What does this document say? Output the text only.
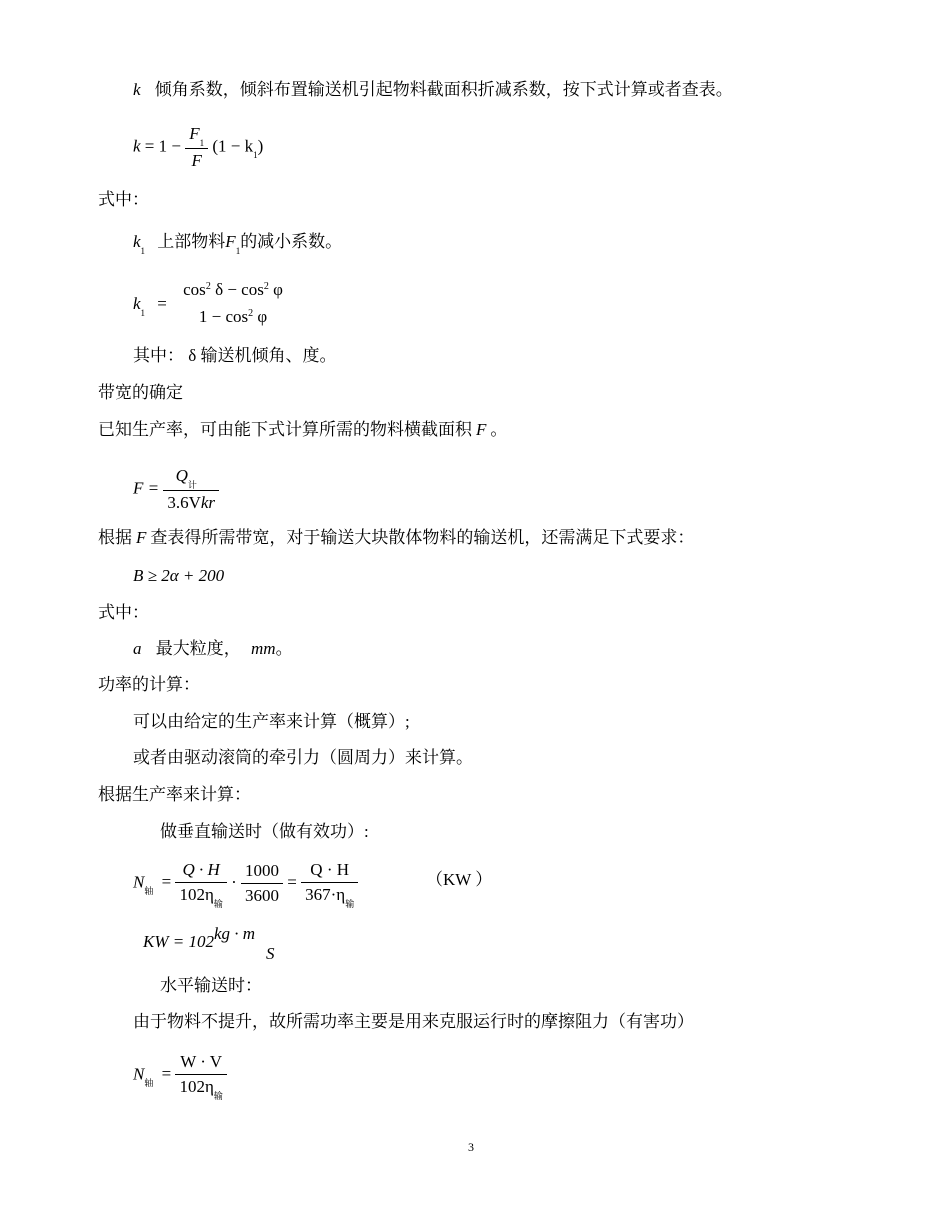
k 倾角系数，倾斜布置输送机引起物料截面积折减系数，按下式计算或者查表。
$k = 1 - \frac{F_1}{F} (1 - k_1)$
式中：
$k_1$ 上部物料$F_1$的减小系数。
$k_1$ =
$\cos^2 \delta - \cos^2 \varphi$
$1 - \cos^2 \varphi$
其中： δ 输送机倾角、度。
带宽的确定
已知生产率，可由能下式计算所需的物料横截面积 F 。
$F = \frac{Q_计}{\text{3.6Vkr}}$
根据 F 查表得所需带宽，对于输送大块散体物料的输送机，还需满足下式要求：
B ≥ 2α + 200
式中：
a 最大粒度， mm。
功率的计算：
可以由给定的生产率来计算（概算）;
或者由驱动滚筒的牵引力（圆周力）来计算。
根据生产率来计算：
做垂直输送时（做有效功）:
$N_轴 = \frac{Q \cdot H}{102\eta_输} \cdot \frac{1000}{3600} = \frac{Q \cdot H}{367\cdot\eta_输}$	（KW ）
KW = 102kg · m
S
水平输送时：
由于物料不提升，故所需功率主要是用来克服运行时的摩擦阻力（有害功）
$N_轴 = \frac{W \cdot V}{102\eta_输}$
3
